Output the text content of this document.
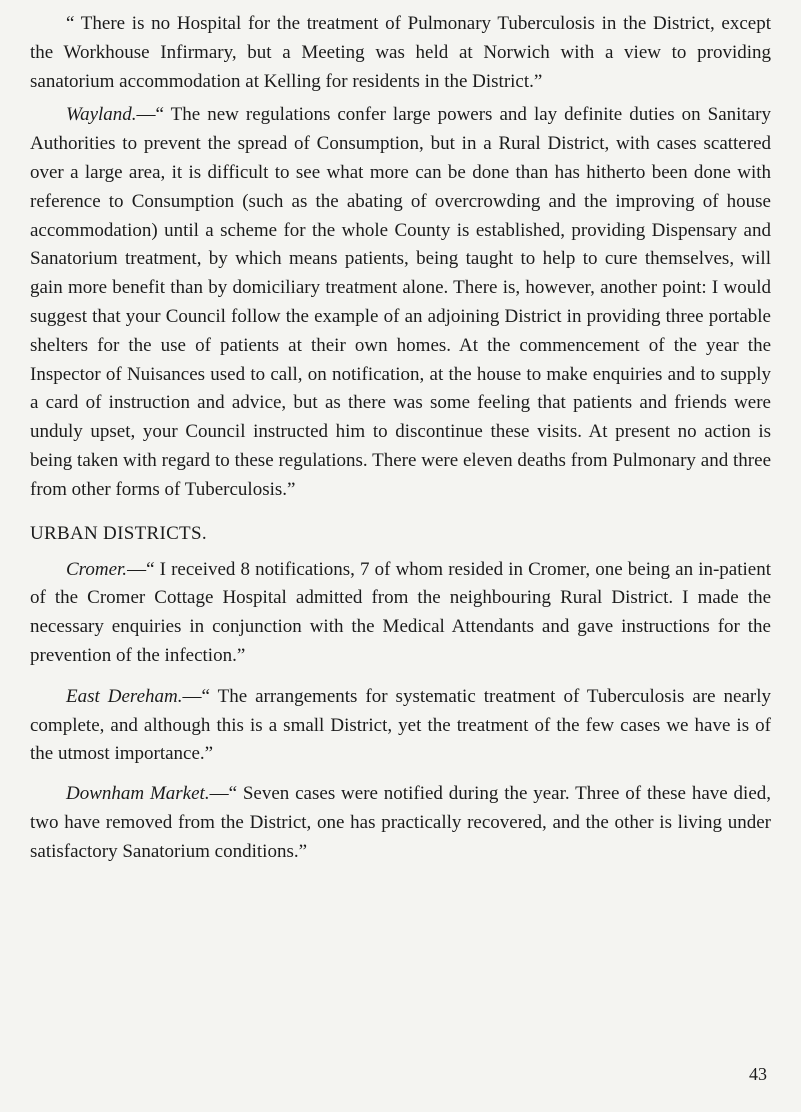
“ There is no Hospital for the treatment of Pulmonary Tuberculosis in the District, except the Workhouse Infirmary, but a Meeting was held at Norwich with a view to providing sanatorium accommodation at Kelling for residents in the District.”

Wayland.—“ The new regulations confer large powers and lay definite duties on Sanitary Authorities to prevent the spread of Consumption, but in a Rural District, with cases scattered over a large area, it is difficult to see what more can be done than has hitherto been done with reference to Consumption (such as the abating of overcrowding and the improving of house accommodation) until a scheme for the whole County is established, providing Dispensary and Sanatorium treatment, by which means patients, being taught to help to cure themselves, will gain more benefit than by domiciliary treatment alone. There is, however, another point: I would suggest that your Council follow the example of an adjoining District in providing three portable shelters for the use of patients at their own homes. At the commencement of the year the Inspector of Nuisances used to call, on notification, at the house to make enquiries and to supply a card of instruction and advice, but as there was some feeling that patients and friends were unduly upset, your Council instructed him to discontinue these visits. At present no action is being taken with regard to these regulations. There were eleven deaths from Pulmonary and three from other forms of Tuberculosis.”

URBAN DISTRICTS.

Cromer.—“ I received 8 notifications, 7 of whom resided in Cromer, one being an in-patient of the Cromer Cottage Hospital admitted from the neighbouring Rural District. I made the necessary enquiries in conjunction with the Medical Attendants and gave instructions for the prevention of the infection.”

East Dereham.—“ The arrangements for systematic treatment of Tuberculosis are nearly complete, and although this is a small District, yet the treatment of the few cases we have is of the utmost importance.”

Downham Market.—“ Seven cases were notified during the year. Three of these have died, two have removed from the District, one has practically recovered, and the other is living under satisfactory Sanatorium conditions.”

43
